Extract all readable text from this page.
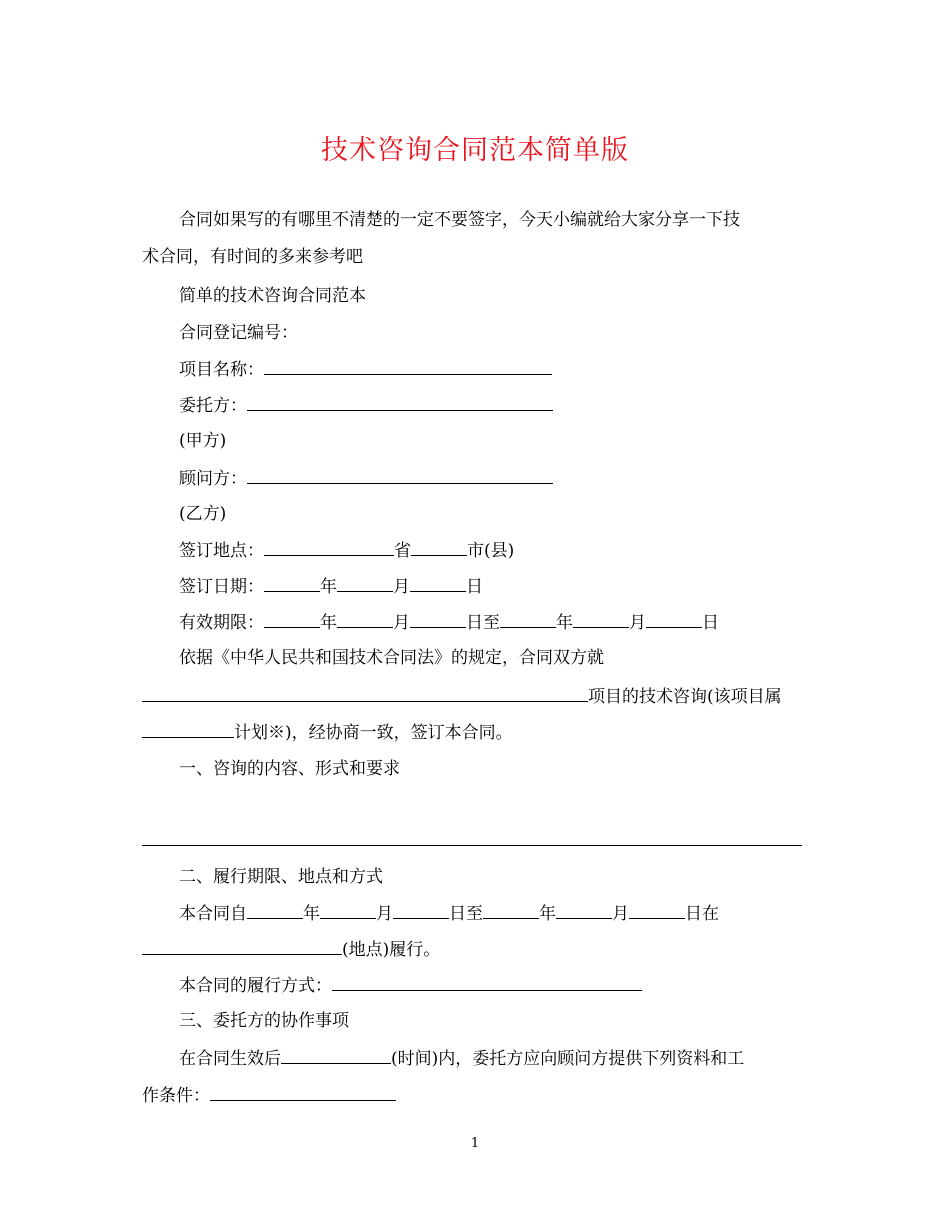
技术咨询合同范本简单版
合同如果写的有哪里不清楚的一定不要签字，今天小编就给大家分享一下技
术合同，有时间的多来参考吧
简单的技术咨询合同范本
合同登记编号：
项目名称：
委托方：
(甲方)
顾问方：
(乙方)
签订地点：	省	市(县)
签订日期：	年	月	日
有效期限：	年	月	日至	年	月	日
依据《中华人民共和国技术合同法》的规定，合同双方就
项目的技术咨询(该项目属
计划※)，经协商一致，签订本合同。
一、咨询的内容、形式和要求
二、履行期限、地点和方式
本合同自	年	月	日至	年	月	日在
(地点)履行。
本合同的履行方式：
三、委托方的协作事项
在合同生效后	(时间)内，委托方应向顾问方提供下列资料和工
作条件：
1
